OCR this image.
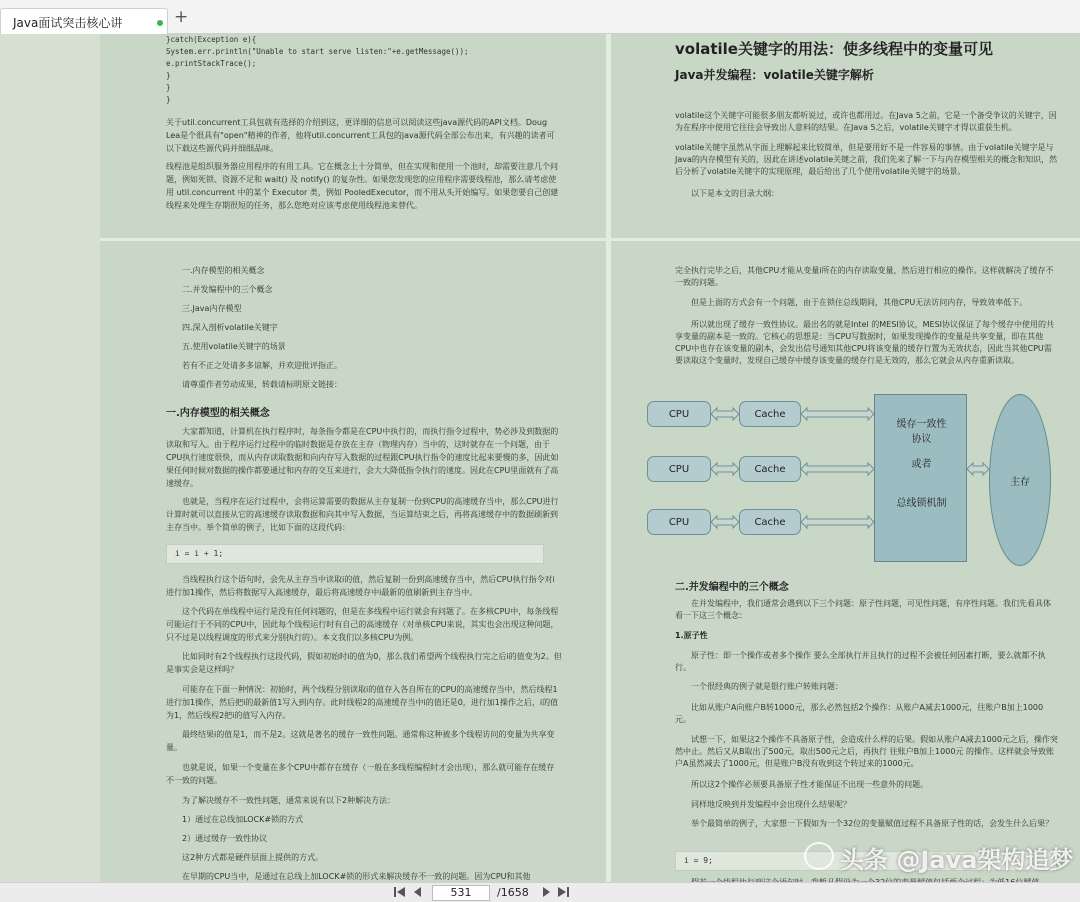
Java面试突击核心讲	+
}catch(Exception e){
System.err.println("Unable to start serve listen:"+e.getMessage());
e.printStackTrace();
}
}
}
关于util.concurrent工具包就有选择的介绍到这，更详细的信息可以阅读这些java源代码的API文档。Doug Lea是个很具有"open"精神的作者，他将util.concurrent工具包的java源代码全部公布出来，有兴趣的读者可以下载这些源代码并细细品味。
线程池是组织服务器应用程序的有用工具。它在概念上十分简单，但在实现和使用一个池时，却需要注意几个问题，例如死锁、资源不足和 wait() 及 notify() 的复杂性。如果您发现您的应用程序需要线程池，那么请考虑使用 util.concurrent 中的某个 Executor 类，例如 PooledExecutor，而不用从头开始编写。如果您要自己创建线程来处理生存期很短的任务，那么您绝对应该考虑使用线程池来替代。
volatile关键字的用法：使多线程中的变量可见
Java并发编程：volatile关键字解析
volatile这个关键字可能很多朋友都听说过，或许也都用过。在Java 5之前，它是一个备受争议的关键字，因为在程序中使用它往往会导致出人意料的结果。在Java 5之后，volatile关键字才得以重获生机。
volatile关键字虽然从字面上理解起来比较简单，但是要用好不是一件容易的事情。由于volatile关键字是与Java的内存模型有关的，因此在讲述volatile关键之前，我们先来了解一下与内存模型相关的概念和知识，然后分析了volatile关键字的实现原理，最后给出了几个使用volatile关键字的场景。
以下是本文的目录大纲：
一.内存模型的相关概念
二.并发编程中的三个概念
三.Java内存模型
四.深入剖析volatile关键字
五.使用volatile关键字的场景
若有不正之处请多多谅解，并欢迎批评指正。
请尊重作者劳动成果，转载请标明原文链接：
一.内存模型的相关概念
大家都知道，计算机在执行程序时，每条指令都是在CPU中执行的，而执行指令过程中，势必涉及到数据的读取和写入。由于程序运行过程中的临时数据是存放在主存（物理内存）当中的，这时就存在一个问题，由于CPU执行速度很快，而从内存读取数据和向内存写入数据的过程跟CPU执行指令的速度比起来要慢的多，因此如果任何时候对数据的操作都要通过和内存的交互来进行，会大大降低指令执行的速度。因此在CPU里面就有了高速缓存。
也就是，当程序在运行过程中，会将运算需要的数据从主存复制一份到CPU的高速缓存当中，那么CPU进行计算时就可以直接从它的高速缓存读取数据和向其中写入数据，当运算结束之后，再将高速缓存中的数据刷新到主存当中。举个简单的例子，比如下面的这段代码：
i = i + 1;
当线程执行这个语句时，会先从主存当中读取i的值，然后复制一份到高速缓存当中，然后CPU执行指令对i进行加1操作，然后将数据写入高速缓存，最后将高速缓存中i最新的值刷新到主存当中。
这个代码在单线程中运行是没有任何问题的，但是在多线程中运行就会有问题了。在多核CPU中，每条线程可能运行于不同的CPU中，因此每个线程运行时有自己的高速缓存（对单核CPU来说，其实也会出现这种问题，只不过是以线程调度的形式来分别执行的）。本文我们以多核CPU为例。
比如同时有2个线程执行这段代码，假如初始时i的值为0，那么我们希望两个线程执行完之后i的值变为2。但是事实会是这样吗？
可能存在下面一种情况：初始时，两个线程分别读取i的值存入各自所在的CPU的高速缓存当中，然后线程1进行加1操作，然后把i的最新值1写入到内存。此时线程2的高速缓存当中i的值还是0，进行加1操作之后，i的值为1，然后线程2把i的值写入内存。
最终结果i的值是1，而不是2。这就是著名的缓存一致性问题。通常称这种被多个线程访问的变量为共享变量。
也就是说，如果一个变量在多个CPU中都存在缓存（一般在多线程编程时才会出现），那么就可能存在缓存不一致的问题。
为了解决缓存不一致性问题，通常来说有以下2种解决方法：
1）通过在总线加LOCK#锁的方式
2）通过缓存一致性协议
这2种方式都是硬件层面上提供的方式。
在早期的CPU当中，是通过在总线上加LOCK#锁的形式来解决缓存不一致的问题。因为CPU和其他
完全执行完毕之后，其他CPU才能从变量i所在的内存读取变量，然后进行相应的操作。这样就解决了缓存不一致的问题。
但是上面的方式会有一个问题，由于在锁住总线期间，其他CPU无法访问内存，导致效率低下。
所以就出现了缓存一致性协议。最出名的就是Intel 的MESI协议，MESI协议保证了每个缓存中使用的共享变量的副本是一致的。它核心的思想是：当CPU写数据时，如果发现操作的变量是共享变量，即在其他CPU中也存在该变量的副本，会发出信号通知其他CPU将该变量的缓存行置为无效状态，因此当其他CPU需要读取这个变量时，发现自己缓存中缓存该变量的缓存行是无效的，那么它就会从内存重新读取。
CPU	Cache
CPU	Cache
CPU	Cache
缓存一致性
协议
或者
总线锁机制
主存
二.并发编程中的三个概念
在并发编程中，我们通常会遇到以下三个问题：原子性问题，可见性问题，有序性问题。我们先看具体看一下这三个概念：
1.原子性
原子性：即一个操作或者多个操作 要么全部执行并且执行的过程不会被任何因素打断，要么就都不执行。
一个很经典的例子就是银行账户转账问题：
比如从账户A向账户B转1000元，那么必然包括2个操作：从账户A减去1000元，往账户B加上1000元。
试想一下，如果这2个操作不具备原子性，会造成什么样的后果。假如从账户A减去1000元之后，操作突然中止。然后又从B取出了500元，取出500元之后，再执行 往账户B加上1000元 的操作。这样就会导致账户A虽然减去了1000元，但是账户B没有收到这个转过来的1000元。
所以这2个操作必须要具备原子性才能保证不出现一些意外的问题。
同样地反映到并发编程中会出现什么结果呢？
举个最简单的例子，大家想一下假如为一个32位的变量赋值过程不具备原子性的话，会发生什么后果？
i = 9;	头条 @Java架构追梦
531	/1658
